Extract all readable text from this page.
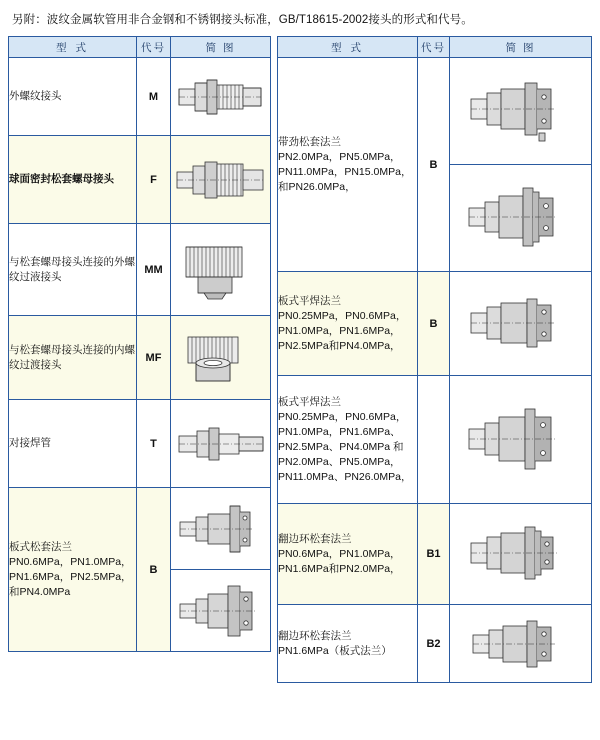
另附：波纹金属软管用非合金钢和不锈钢接头标准，GB/T18615-2002接头的形式和代号。
型 式	代号	简 图
外螺纹接头	M	

球面密封松套螺母接头	F	

与松套螺母接头连接的外螺纹过液接头	MM	

与松套螺母接头连接的内螺纹过渡接头	MF	

对接焊管	T	

板式松套法兰
PN0.6MPa，PN1.0MPa，
PN1.6MPa，PN2.5MPa，
和PN4.0MPa	B	
型 式	代号	简 图

带劲松套法兰
PN2.0MPa，PN5.0MPa，
PN11.0MPa，PN15.0MPa，
和PN26.0MPa，	B	

板式平焊法兰
PN0.25MPa，PN0.6MPa，
PN1.0MPa，PN1.6MPa，
PN2.5MPa和PN4.0MPa，	B	

板式平焊法兰
PN0.25MPa，PN0.6MPa，
PN1.0MPa，PN1.6MPa、
PN2.5MPa、PN4.0MPa 和
PN2.0MPa、PN5.0MPa，
PN11.0MPa、PN26.0MPa，

翻边环松套法兰
PN0.6MPa，PN1.0MPa，
PN1.6MPa和PN2.0MPa，	B1	

翻边环松套法兰
PN1.6MPa（板式法兰）	B2	
